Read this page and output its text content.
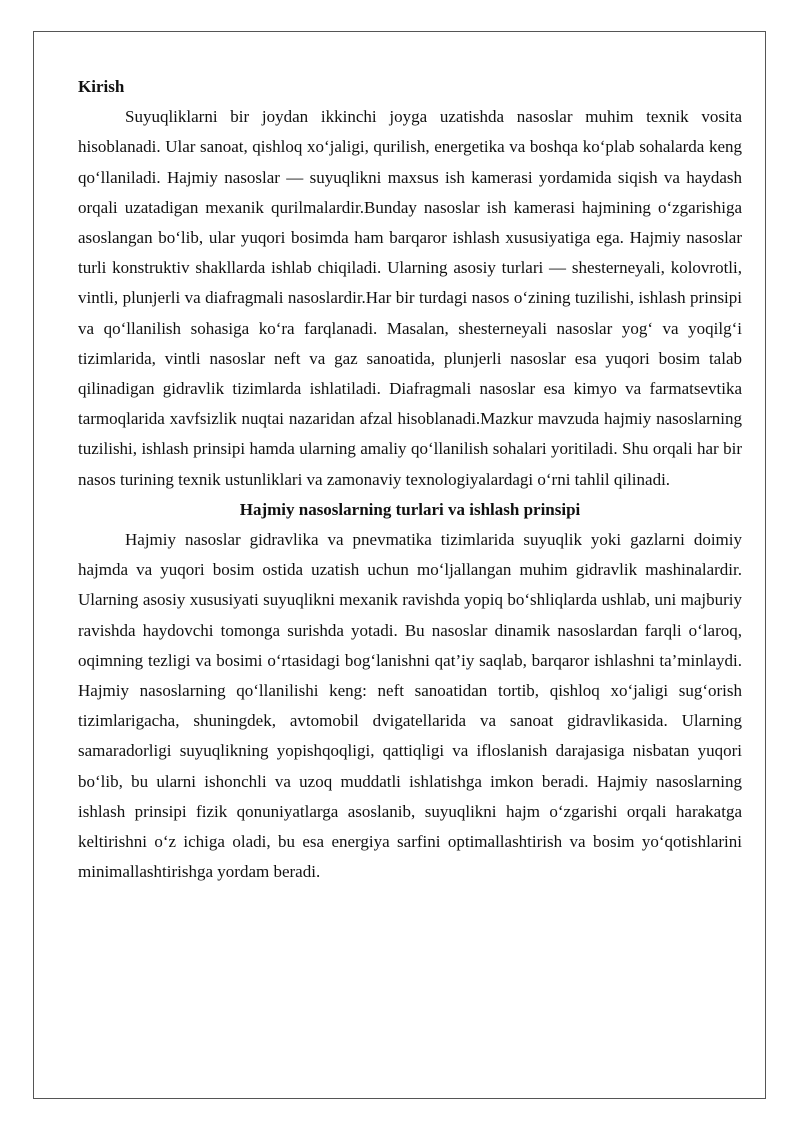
Kirish

Suyuqliklarni bir joydan ikkinchi joyga uzatishda nasoslar muhim texnik vosita hisoblanadi. Ular sanoat, qishloq xo‘jaligi, qurilish, energetika va boshqa ko‘plab sohalarda keng qo‘llaniladi. Hajmiy nasoslar — suyuqlikni maxsus ish kamerasi yordamida siqish va haydash orqali uzatadigan mexanik qurilmalardir.Bunday nasoslar ish kamerasi hajmining o‘zgarishiga asoslangan bo‘lib, ular yuqori bosimda ham barqaror ishlash xususiyatiga ega. Hajmiy nasoslar turli konstruktiv shakllarda ishlab chiqiladi. Ularning asosiy turlari — shesterneyali, kolovrotli, vintli, plunjerli va diafragmali nasoslardir.Har bir turdagi nasos o‘zining tuzilishi, ishlash prinsipi va qo‘llanilish sohasiga ko‘ra farqlanadi. Masalan, shesterneyali nasoslar yog‘ va yoqilg‘i tizimlarida, vintli nasoslar neft va gaz sanoatida, plunjerli nasoslar esa yuqori bosim talab qilinadigan gidravlik tizimlarda ishlatiladi. Diafragmali nasoslar esa kimyo va farmatsevtika tarmoqlarida xavfsizlik nuqtai nazaridan afzal hisoblanadi.Mazkur mavzuda hajmiy nasoslarning tuzilishi, ishlash prinsipi hamda ularning amaliy qo‘llanilish sohalari yoritiladi. Shu orqali har bir nasos turining texnik ustunliklari va zamonaviy texnologiyalardagi o‘rni tahlil qilinadi.

Hajmiy nasoslarning turlari va ishlash prinsipi

Hajmiy nasoslar gidravlika va pnevmatika tizimlarida suyuqlik yoki gazlarni doimiy hajmda va yuqori bosim ostida uzatish uchun mo‘ljallangan muhim gidravlik mashinalardir. Ularning asosiy xususiyati suyuqlikni mexanik ravishda yopiq bo‘shliqlarda ushlab, uni majburiy ravishda haydovchi tomonga surishda yotadi. Bu nasoslar dinamik nasoslardan farqli o‘laroq, oqimning tezligi va bosimi o‘rtasidagi bog‘lanishni qat’iy saqlab, barqaror ishlashni ta’minlaydi. Hajmiy nasoslarning qo‘llanilishi keng: neft sanoatidan tortib, qishloq xo‘jaligi sug‘orish tizimlarigacha, shuningdek, avtomobil dvigatellarida va sanoat gidravlikasida. Ularning samaradorligi suyuqlikning yopishqoqligi, qattiqligi va ifloslanish darajasiga nisbatan yuqori bo‘lib, bu ularni ishonchli va uzoq muddatli ishlatishga imkon beradi. Hajmiy nasoslarning ishlash prinsipi fizik qonuniyatlarga asoslanib, suyuqlikni hajm o‘zgarishi orqali harakatga keltirishni o‘z ichiga oladi, bu esa energiya sarfini optimallashtirish va bosim yo‘qotishlarini minimallashtirishga yordam beradi.
